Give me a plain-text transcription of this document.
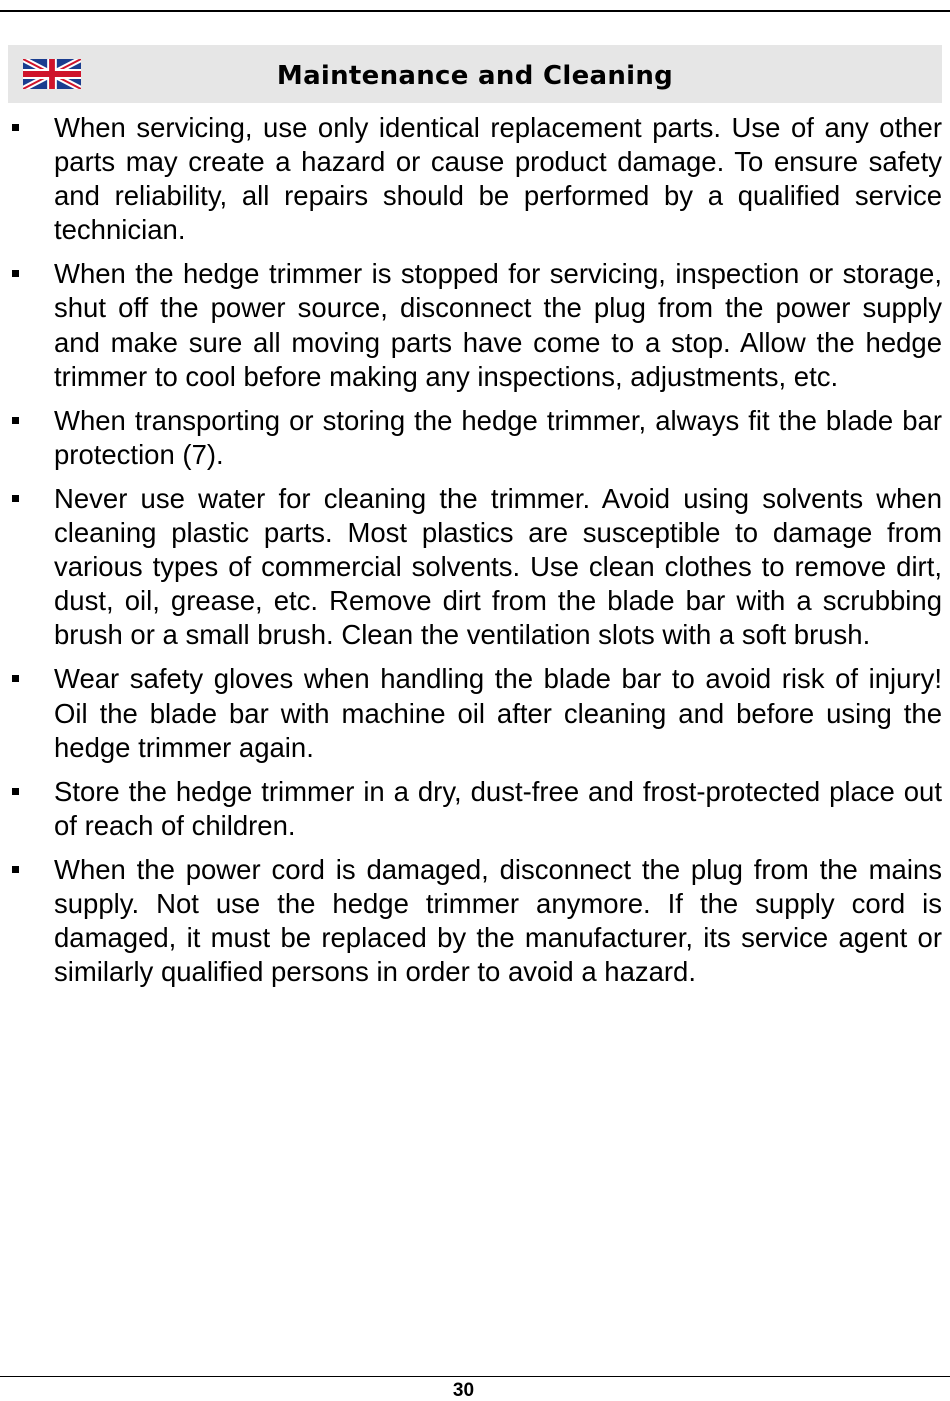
Maintenance and Cleaning
When servicing, use only identical replacement parts. Use of any other parts may create a hazard or cause product damage. To ensure safety and reliability, all repairs should be performed by a qualified service technician.
When the hedge trimmer is stopped for servicing, inspection or storage, shut off the power source, disconnect the plug from the power supply and make sure all moving parts have come to a stop. Allow the hedge trimmer to cool before making any inspections, adjustments, etc.
When transporting or storing the hedge trimmer, always fit the blade bar protection (7).
Never use water for cleaning the trimmer. Avoid using solvents when cleaning plastic parts. Most plastics are susceptible to damage from various types of commercial solvents. Use clean clothes to remove dirt, dust, oil, grease, etc. Remove dirt from the blade bar with a scrubbing brush or a small brush. Clean the ventilation slots with a soft brush.
Wear safety gloves when handling the blade bar to avoid risk of injury! Oil the blade bar with machine oil after cleaning and before using the hedge trimmer again.
Store the hedge trimmer in a dry, dust-free and frost-protected place out of reach of children.
When the power cord is damaged, disconnect the plug from the mains supply. Not use the hedge trimmer anymore. If the supply cord is damaged, it must be replaced by the manufacturer, its service agent or similarly qualified persons in order to avoid a hazard.
30
